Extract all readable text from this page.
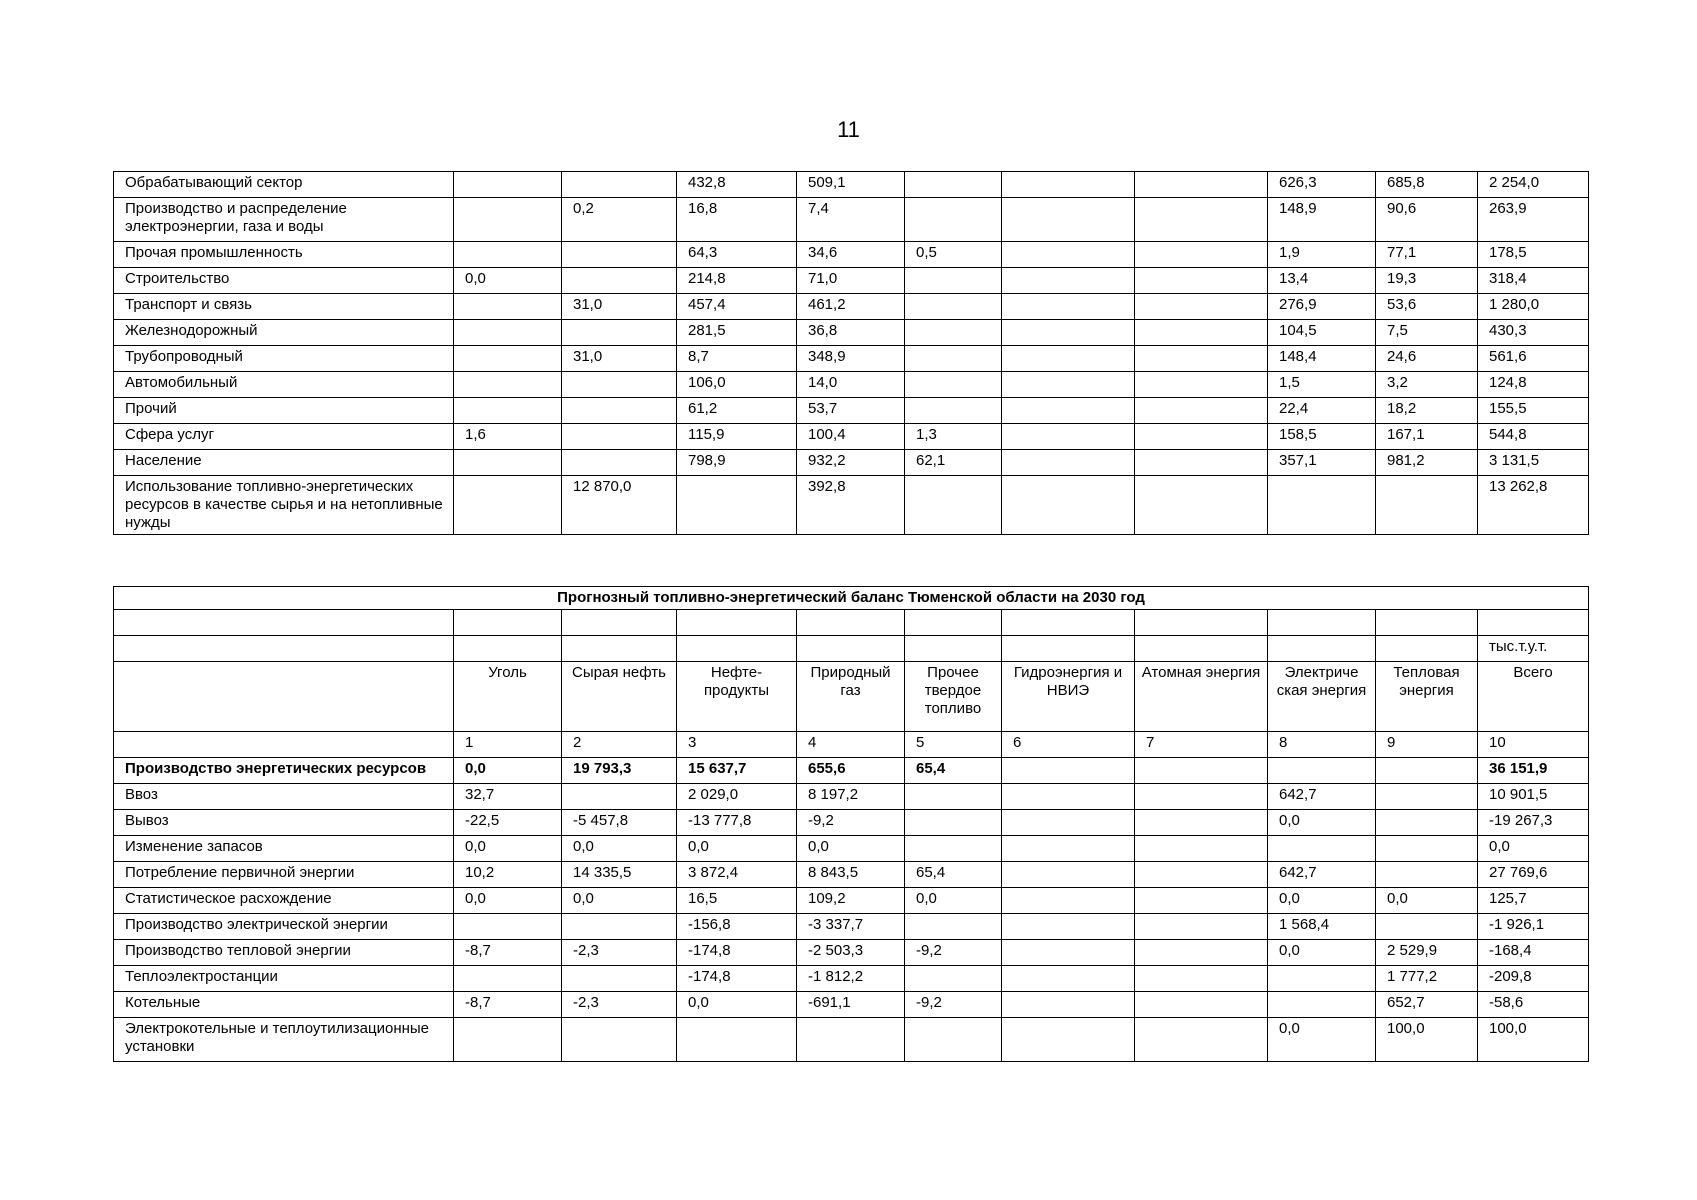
11
Обрабатывающий сектор			432,8	509,1				626,3	685,8	2 254,0
Производство и распределение электроэнергии, газа и воды		0,2	16,8	7,4				148,9	90,6	263,9
Прочая промышленность			64,3	34,6	0,5			1,9	77,1	178,5
Строительство	0,0		214,8	71,0				13,4	19,3	318,4
Транспорт и связь		31,0	457,4	461,2				276,9	53,6	1 280,0
Железнодорожный			281,5	36,8				104,5	7,5	430,3
Трубопроводный		31,0	8,7	348,9				148,4	24,6	561,6
Автомобильный			106,0	14,0				1,5	3,2	124,8
Прочий			61,2	53,7				22,4	18,2	155,5
Сфера услуг	1,6		115,9	100,4	1,3			158,5	167,1	544,8
Население			798,9	932,2	62,1			357,1	981,2	3 131,5
Использование топливно-энергетических ресурсов в качестве сырья и на нетопливные нужды		12 870,0		392,8						13 262,8
Прогнозный топливно-энергетический баланс Тюменской области на 2030 год										

										тыс.т.у.т.
	Уголь	Сырая нефть	Нефте-продукты	Природный газ	Прочее твердое топливо	Гидроэнергия и НВИЭ	Атомная энергия	Электриче ская энергия	Тепловая энергия	Всего
	1	2	3	4	5	6	7	8	9	10
Производство энергетических ресурсов	0,0	19 793,3	15 637,7	655,6	65,4					36 151,9
Ввоз	32,7		2 029,0	8 197,2				642,7		10 901,5
Вывоз	-22,5	-5 457,8	-13 777,8	-9,2				0,0		-19 267,3
Изменение запасов	0,0	0,0	0,0	0,0						0,0
Потребление первичной энергии	10,2	14 335,5	3 872,4	8 843,5	65,4			642,7		27 769,6
Статистическое расхождение	0,0	0,0	16,5	109,2	0,0			0,0	0,0	125,7
Производство электрической энергии			-156,8	-3 337,7				1 568,4		-1 926,1
Производство тепловой энергии	-8,7	-2,3	-174,8	-2 503,3	-9,2			0,0	2 529,9	-168,4
Теплоэлектростанции			-174,8	-1 812,2					1 777,2	-209,8
Котельные	-8,7	-2,3	0,0	-691,1	-9,2				652,7	-58,6
Электрокотельные и теплоутилизационные установки								0,0	100,0	100,0
